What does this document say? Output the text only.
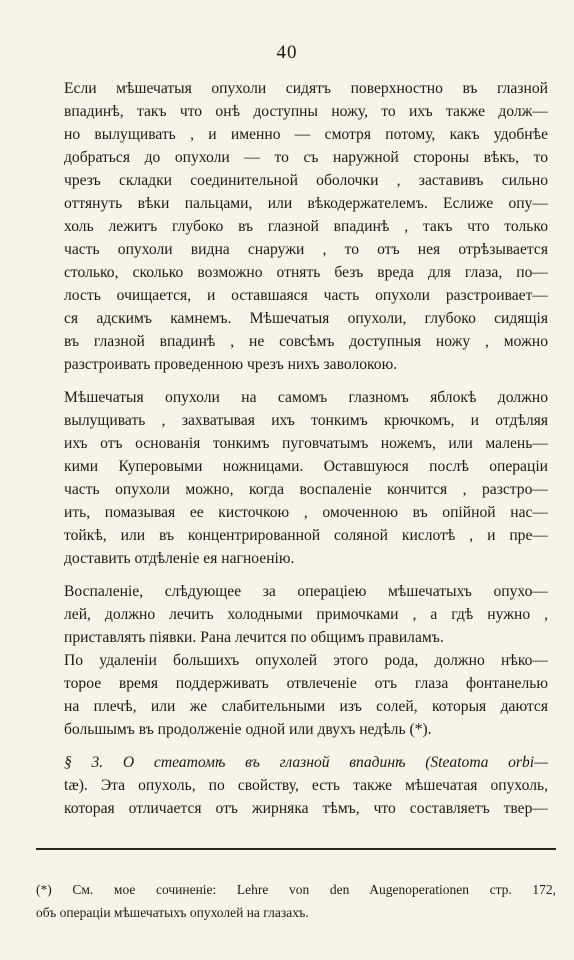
40
Если мѣшечатыя опухоли сидятъ поверхностно въ глазной
впадинѣ, такъ что онѣ доступны ножу, то ихъ также долж—
но вылущивать , и именно — смотря потому, какъ удобнѣе
добраться до опухоли — то съ наружной стороны вѣкъ, то
чрезъ складки соединительной оболочки , заставивъ сильно
оттянуть вѣки пальцами, или вѣкодержателемъ. Еслиже опу—
холь лежитъ глубоко въ глазной впадинѣ , такъ что только
часть опухоли видна снаружи , то отъ нея отрѣзывается
столько, сколько возможно отнять безъ вреда для глаза, по—
лость очищается, и оставшаяся часть опухоли разстроивает—
ся адскимъ камнемъ. Мѣшечатыя опухоли, глубоко сидящія
въ глазной впадинѣ , не совсѣмъ доступныя ножу , можно
разстроивать проведенною чрезъ нихъ заволокою.
Мѣшечатыя опухоли на самомъ глазномъ яблокѣ должно
вылущивать , захватывая ихъ тонкимъ крючкомъ, и отдѣляя
ихъ отъ основанія тонкимъ пуговчатымъ ножемъ, или малень—
кими Куперовыми ножницами. Оставшуюся послѣ операціи
часть опухоли можно, когда воспаленіе кончится , разстро—
ить, помазывая ее кисточкою , омоченною въ опійной нас—
тойкѣ, или въ концентрированной соляной кислотѣ , и пре—
доставить отдѣленіе ея нагноенію.
Воспаленіе, слѣдующее за операціею мѣшечатыхъ опухо—
лей, должно лечить холодными примочками , а гдѣ нужно ,
приставлять піявки. Рана лечится по общимъ правиламъ.
По удаленіи большихъ опухолей этого рода, должно нѣко—
торое время поддерживать отвлеченіе отъ глаза фонтанелью
на плечѣ, или же слабительными изъ солей, которыя даются
большымъ въ продолженіе одной или двухъ недѣль (*).
§ 3. О стеатомѣ въ глазной впадинѣ (Steatoma orbi—
tæ). Эта опухоль, по свойству, есть также мѣшечатая опухоль,
которая отличается отъ жирняка тѣмъ, что составляетъ твер—
(*) См. мое сочиненіе: Lehre von den Augenoperationen стр. 172,
объ операціи мѣшечатыхъ опухолей на глазахъ.
